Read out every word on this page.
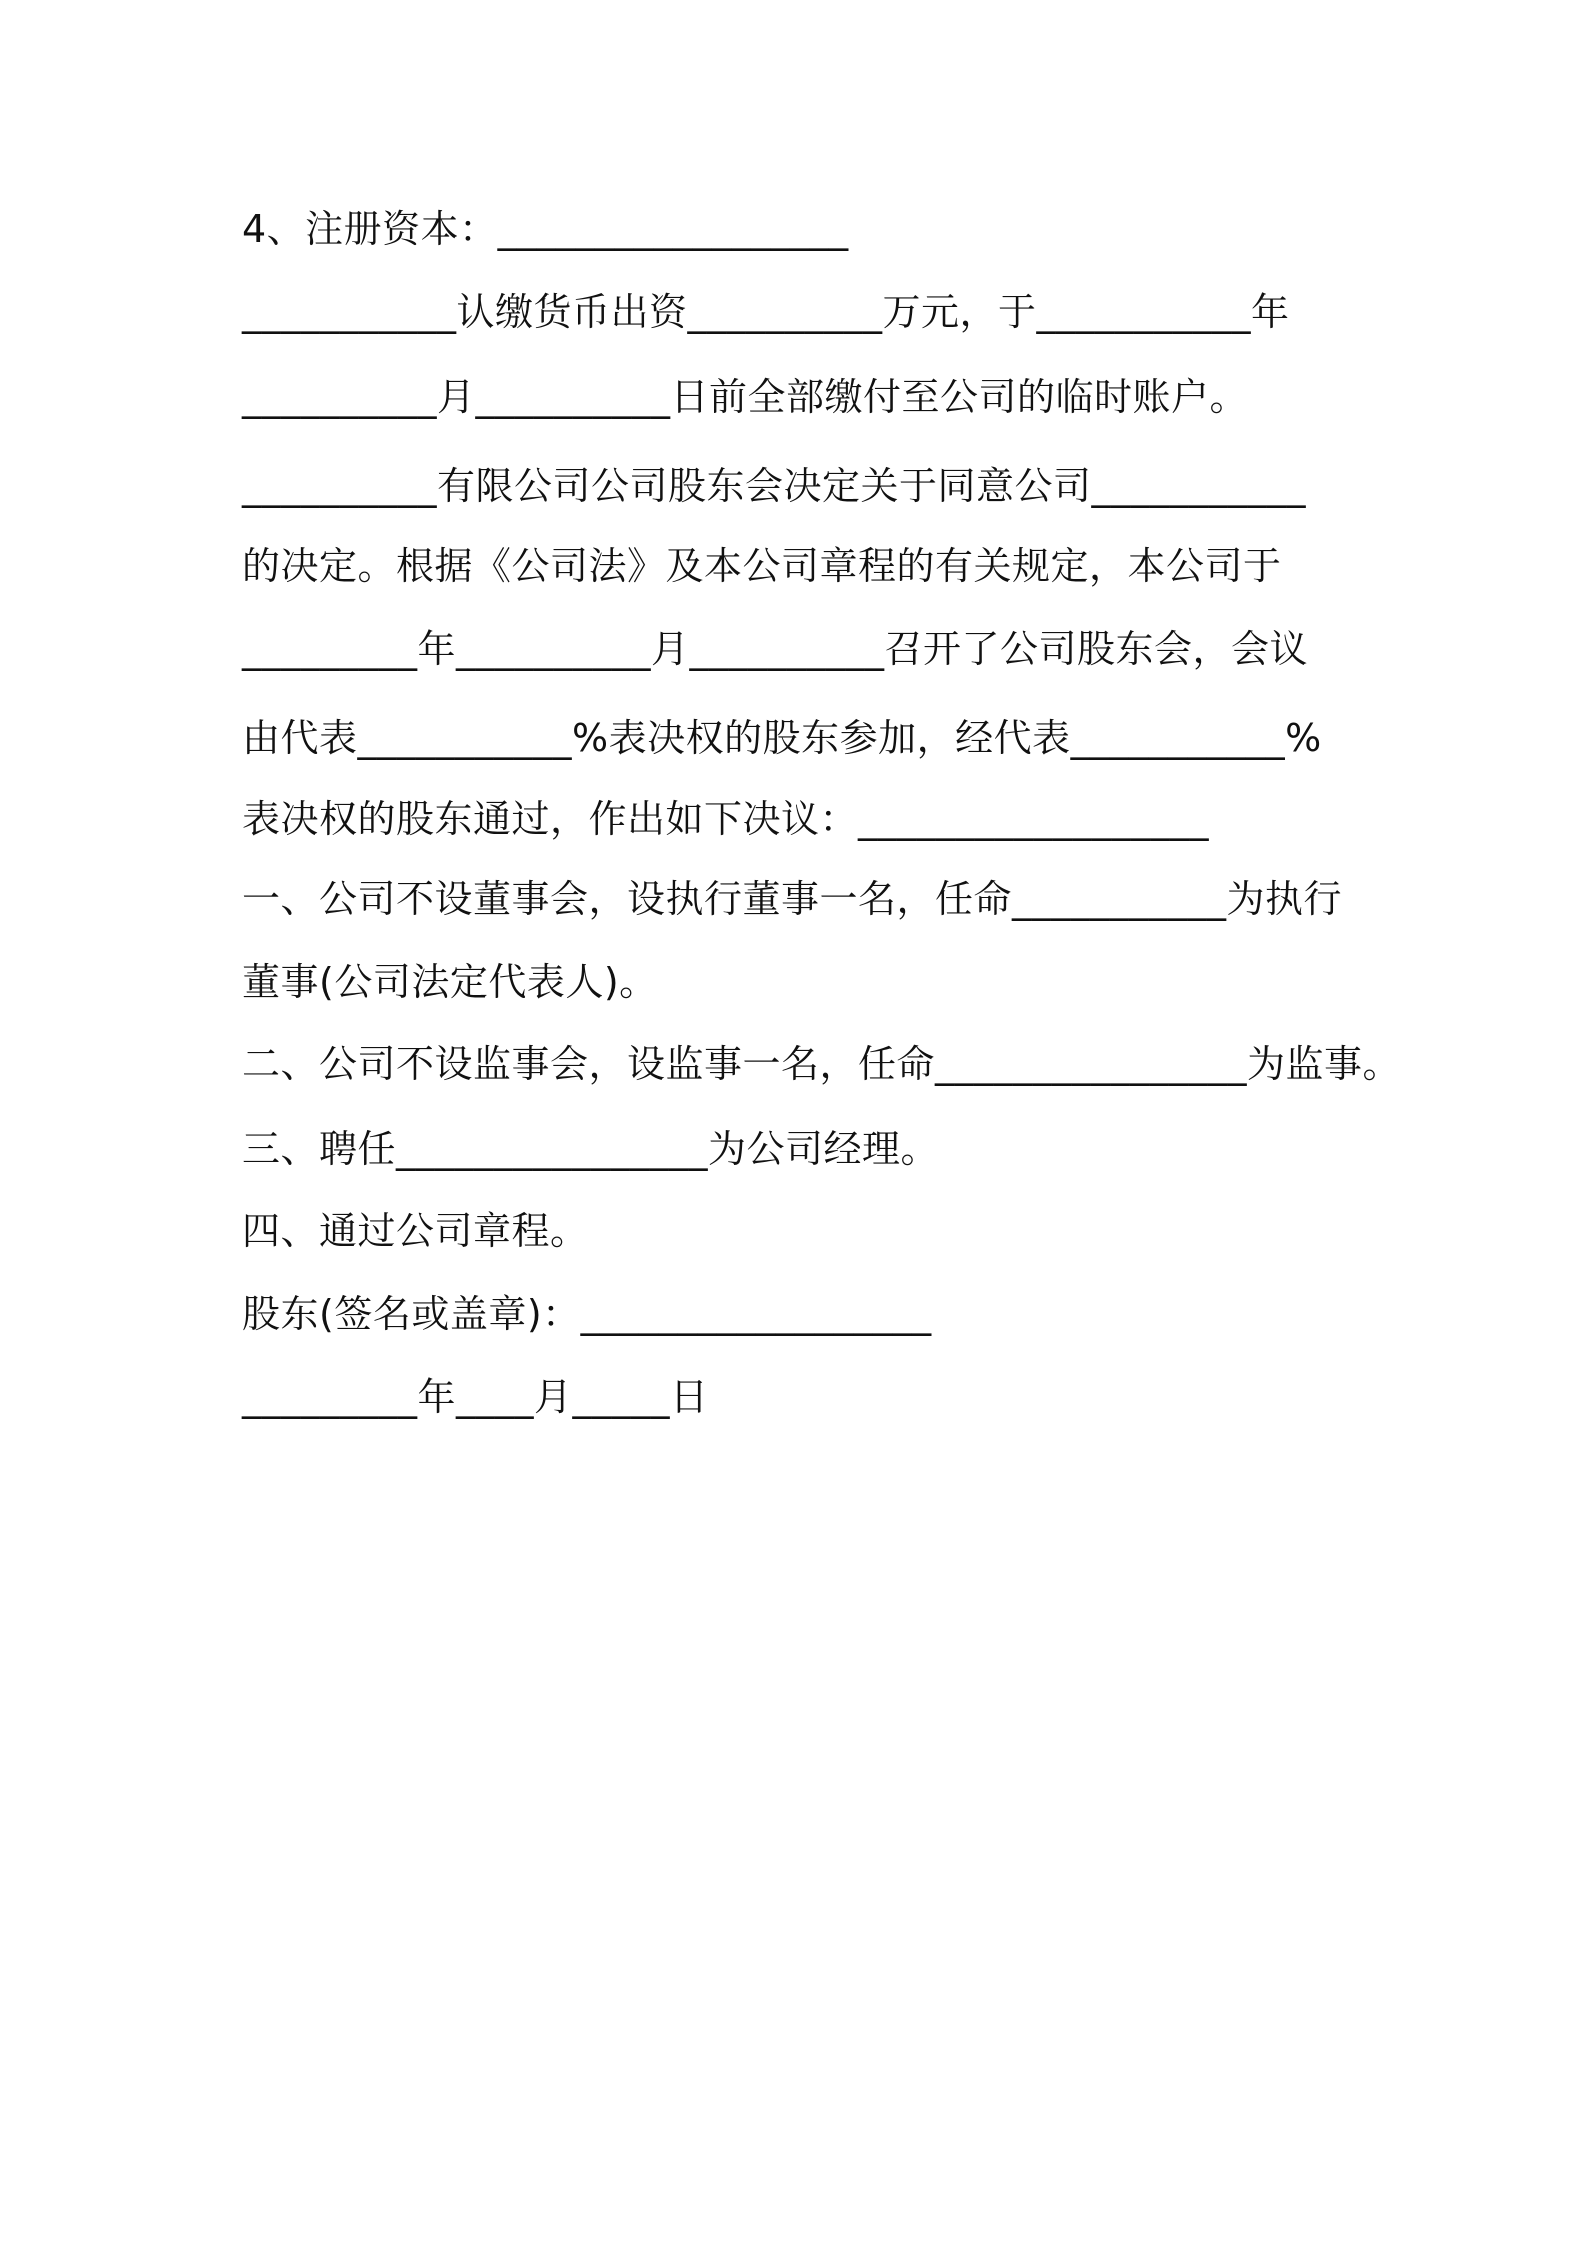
4、注册资本：__________________
___________认缴货币出资__________万元，于___________年
__________月__________日前全部缴付至公司的临时账户。
__________有限公司公司股东会决定关于同意公司___________
的决定。根据《公司法》及本公司章程的有关规定，本公司于
_________年__________月__________召开了公司股东会，会议
由代表___________%表决权的股东参加，经代表___________%
表决权的股东通过，作出如下决议：__________________
一、公司不设董事会，设执行董事一名，任命___________为执行
董事(公司法定代表人)。
二、公司不设监事会，设监事一名，任命________________为监事。
三、聘任________________为公司经理。
四、通过公司章程。
股东(签名或盖章)：__________________
_________年____月_____日
